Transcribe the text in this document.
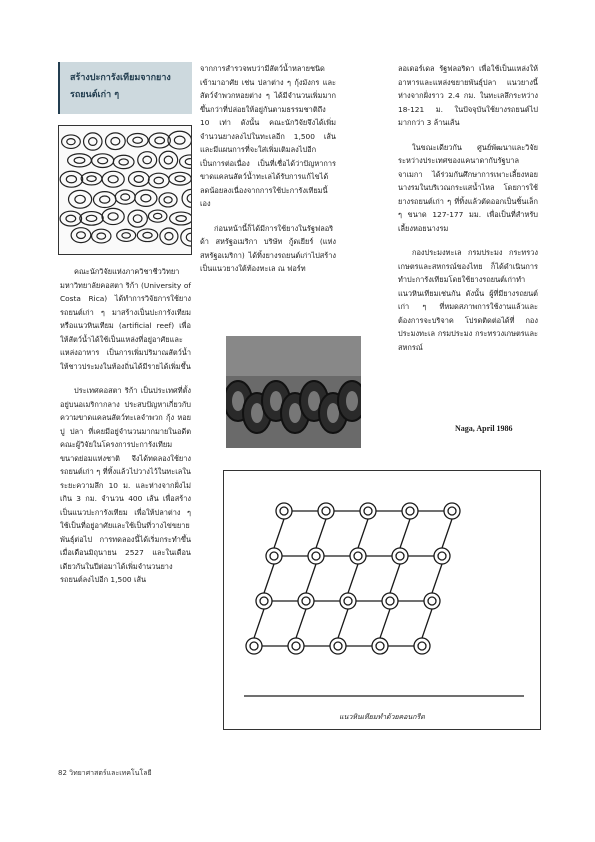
สร้างปะการังเทียมจากยางรถยนต์เก่า ๆ

คณะนักวิจัยแห่งภาควิชาชีววิทยา มหาวิทยาลัยคอสตา ริก้า (University of Costa Rica) ได้ทำการวิจัยการใช้ยางรถยนต์เก่า ๆ มาสร้างเป็นปะการังเทียม หรือแนวหินเทียม (artificial reef) เพื่อให้สัตว์น้ำได้ใช้เป็นแหล่งที่อยู่อาศัยและแหล่งอาหาร เป็นการเพิ่มปริมาณสัตว์น้ำให้ชาวประมงในท้องถิ่นได้มีรายได้เพิ่มขึ้น

ประเทศคอสตา ริก้า เป็นประเทศที่ตั้งอยู่บนอเมริกากลาง ประสบปัญหาเกี่ยวกับความขาดแคลนสัตว์ทะเลจำพวก กุ้ง หอย ปู ปลา ที่เคยมีอยู่จำนวนมากมายในอดีต คณะผู้วิจัยในโครงการปะการังเทียมขนาดย่อมแห่งชาติ จึงได้ทดลองใช้ยางรถยนต์เก่า ๆ ที่ทิ้งแล้วไปวางไว้ในทะเลในระยะความลึก 10 ม. และห่างจากฝั่งไม่เกิน 3 กม. จำนวน 400 เส้น เพื่อสร้างเป็นแนวปะการังเทียม เพื่อให้ปลาต่าง ๆ ใช้เป็นที่อยู่อาศัยและใช้เป็นที่วางไข่ขยายพันธุ์ต่อไป การทดลองนี้ได้เริ่มกระทำขึ้นเมื่อเดือนมิถุนายน 2527 และในเดือนเดียวกันในปีต่อมาได้เพิ่มจำนวนยางรถยนต์ลงไปอีก 1,500 เส้น

จากการสำรวจพบว่ามีสัตว์น้ำหลายชนิดเข้ามาอาศัย เช่น ปลาต่าง ๆ กุ้งมังกร และสัตว์จำพวกหอยต่าง ๆ ได้มีจำนวนเพิ่มมากขึ้นกว่าที่ปล่อยให้อยู่กันตามธรรมชาติถึง 10 เท่า ดังนั้น คณะนักวิจัยจึงได้เพิ่มจำนวนยางลงไปในทะเลอีก 1,500 เส้น และมีแผนการที่จะใส่เพิ่มเติมลงไปอีกเป็นการต่อเนื่อง เป็นที่เชื่อได้ว่าปัญหาการขาดแคลนสัตว์น้ำทะเลได้รับการแก้ไขได้ ลดน้อยลงเนื่องจากการใช้ปะการังเทียมนี้เอง

ก่อนหน้านี้ก็ได้มีการใช้ยางในรัฐฟลอริด้า สหรัฐอเมริกา บริษัท กู้ดเยียร์ (แห่งสหรัฐอเมริกา) ได้ทิ้งยางรถยนต์เก่าไปสร้างเป็นแนวยางใต้ท้องทะเล ณ ฟอร์ท

ลอเดอร์เดล รัฐฟลอริดา เพื่อใช้เป็นแหล่งให้อาหารและแหล่งขยายพันธุ์ปลา แนวยางนี้ห่างจากฝั่งราว 2.4 กม. ในทะเลลึกระหว่าง 18-121 ม. ในปัจจุบันใช้ยางรถยนต์ไปมากกว่า 3 ล้านเส้น

ในขณะเดียวกัน ศูนย์พัฒนาและวิจัยระหว่างประเทศของแคนาดากับรัฐบาลจาเมกา ได้ร่วมกันศึกษาการเพาะเลี้ยงหอยนางรมในบริเวณกระแสน้ำไหล โดยการใช้ยางรถยนต์เก่า ๆ ที่ทิ้งแล้วตัดออกเป็นชิ้นเล็ก ๆ ขนาด 127-177 มม. เพื่อเป็นที่สำหรับเลี้ยงหอยนางรม

กองประมงทะเล กรมประมง กระทรวงเกษตรและสหกรณ์ของไทย ก็ได้ดำเนินการทำปะการังเทียมโดยใช้ยางรถยนต์เก่าทำแนวหินเทียมเช่นกัน ดังนั้น ผู้ที่มียางรถยนต์เก่า ๆ ที่หมดสภาพการใช้งานแล้วและต้องการจะบริจาค โปรดติดต่อได้ที่ กองประมงทะเล กรมประมง กระทรวงเกษตรและสหกรณ์

Naga, April 1986
แนวหินเทียมทำด้วยคอนกรีต
82 วิทยาศาสตร์และเทคโนโลยี
